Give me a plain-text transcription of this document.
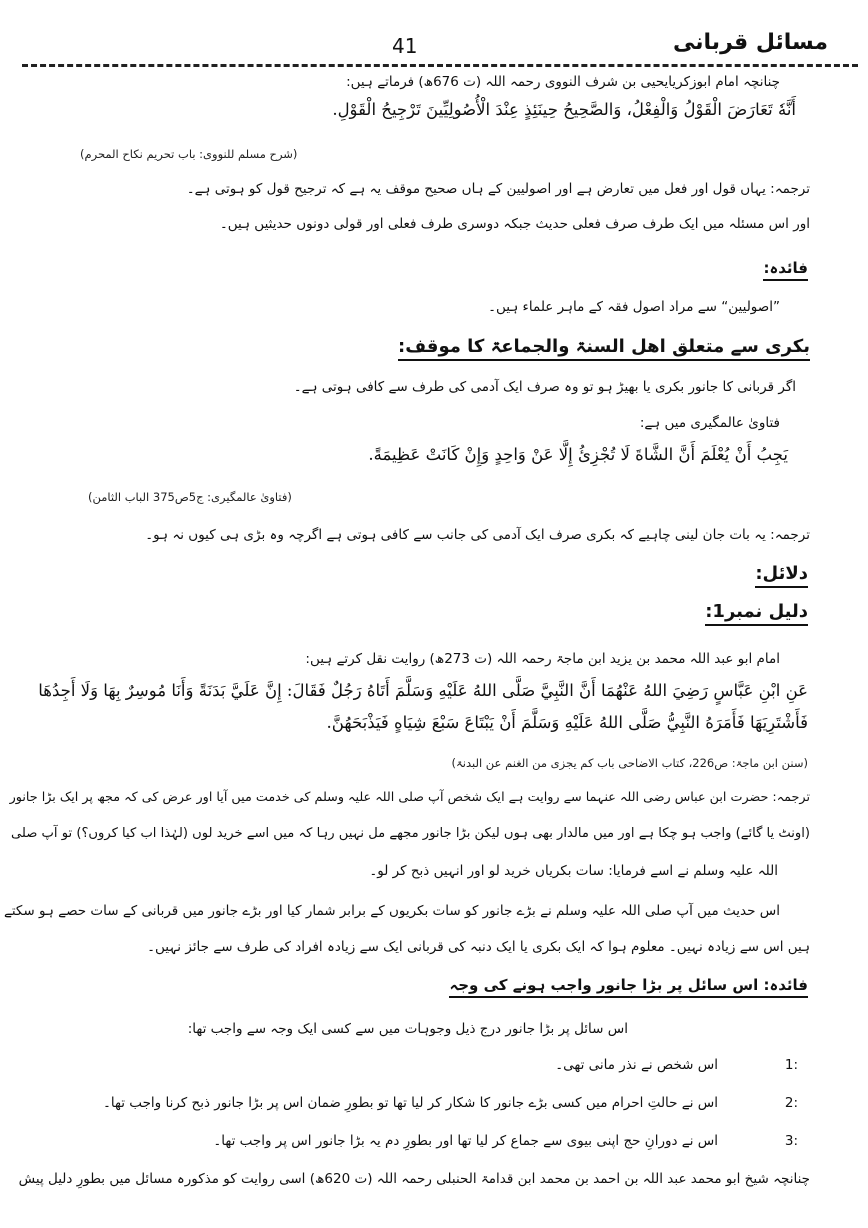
مسائل قربانی
41
چنانچہ امام ابوزکریایحیی بن شرف النووی رحمہ اللہ (ت 676ھ) فرماتے ہیں:
أَنَّهٗ تَعَارَضَ الْقَوْلُ وَالْفِعْلُ، وَالصَّحِيحُ حِينَئِذٍ عِنْدَ الْأُصُولِيِّينَ تَرْجِيحُ الْقَوْلِ.
(شرح مسلم للنووی: باب تحریم نکاح المحرم)
ترجمہ: یہاں قول اور فعل میں تعارض ہے اور اصولیین کے ہاں صحیح موقف یہ ہے کہ ترجیح قول کو ہوتی ہے۔
اور اس مسئلہ میں ایک طرف صرف فعلی حدیث جبکہ دوسری طرف فعلی اور قولی دونوں حدیثیں ہیں۔
فائدہ:
”اصولیین“ سے مراد اصول فقہ کے ماہر علماء ہیں۔
بکری سے متعلق اھل السنۃ والجماعۃ کا موقف:
اگر قربانی کا جانور بکری یا بھیڑ ہو تو وہ صرف ایک آدمی کی طرف سے کافی ہوتی ہے۔
فتاویٰ عالمگیری میں ہے:
يَجِبُ أَنْ يُعْلَمَ أَنَّ الشَّاةَ لَا تُجْزِئُ إِلَّا عَنْ وَاحِدٍ وَإِنْ كَانَتْ عَظِيمَةً.
(فتاویٰ عالمگیری: ج5ص375 الباب الثامن)
ترجمہ: یہ بات جان لینی چاہیے کہ بکری صرف ایک آدمی کی جانب سے کافی ہوتی ہے اگرچہ وہ بڑی ہی کیوں نہ ہو۔
دلائل:
دلیل نمبر1:
امام ابو عبد اللہ محمد بن یزید ابن ماجۃ رحمہ اللہ (ت 273ھ) روایت نقل کرتے ہیں:
عَنِ ابْنِ عَبَّاسٍ رَضِيَ اللهُ عَنْهُمَا أَنَّ النَّبِيَّ صَلَّى اللهُ عَلَيْهِ وَسَلَّمَ أَتَاهُ رَجُلٌ فَقَالَ: إِنَّ عَلَيَّ بَدَنَةً وَأَنَا مُوسِرٌ بِهَا وَلَا أَجِدُهَا
فَأَشْتَرِيَهَا فَأَمَرَهُ النَّبِيُّ صَلَّى اللهُ عَلَيْهِ وَسَلَّمَ أَنْ يَبْتَاعَ سَبْعَ شِيَاهٍ فَيَذْبَحَهُنَّ.
(سنن ابن ماجۃ: ص226، کتاب الاضاحی باب کم یجزی من الغنم عن البدنۃ)
ترجمہ: حضرت ابن عباس رضی اللہ عنہما سے روایت ہے ایک شخص آپ صلی اللہ علیہ وسلم کی خدمت میں آیا اور عرض کی کہ مجھ پر ایک بڑا جانور
(اونٹ یا گائے) واجب ہو چکا ہے اور میں مالدار بھی ہوں لیکن بڑا جانور مجھے مل نہیں رہا کہ میں اسے خرید لوں (لہٰذا اب کیا کروں؟) تو آپ صلی
اللہ علیہ وسلم نے اسے فرمایا: سات بکریاں خرید لو اور انہیں ذبح کر لو۔
اس حدیث میں آپ صلی اللہ علیہ وسلم نے بڑے جانور کو سات بکریوں کے برابر شمار کیا اور بڑے جانور میں قربانی کے سات حصے ہو سکتے
ہیں اس سے زیادہ نہیں۔ معلوم ہوا کہ ایک بکری یا ایک دنبہ کی قربانی ایک سے زیادہ افراد کی طرف سے جائز نہیں۔
فائدہ: اس سائل پر بڑا جانور واجب ہونے کی وجہ
اس سائل پر بڑا جانور درج ذیل وجوہات میں سے کسی ایک وجہ سے واجب تھا:
1:
اس شخص نے نذر مانی تھی۔
2:
اس نے حالتِ احرام میں کسی بڑے جانور کا شکار کر لیا تھا تو بطورِ ضمان اس پر بڑا جانور ذبح کرنا واجب تھا۔
3:
اس نے دورانِ حج اپنی بیوی سے جماع کر لیا تھا اور بطورِ دم یہ بڑا جانور اس پر واجب تھا۔
چنانچہ شیخ ابو محمد عبد اللہ بن احمد بن محمد ابن قدامۃ الحنبلی رحمہ اللہ (ت 620ھ) اسی روایت کو مذکورہ مسائل میں بطورِ دلیل پیش
